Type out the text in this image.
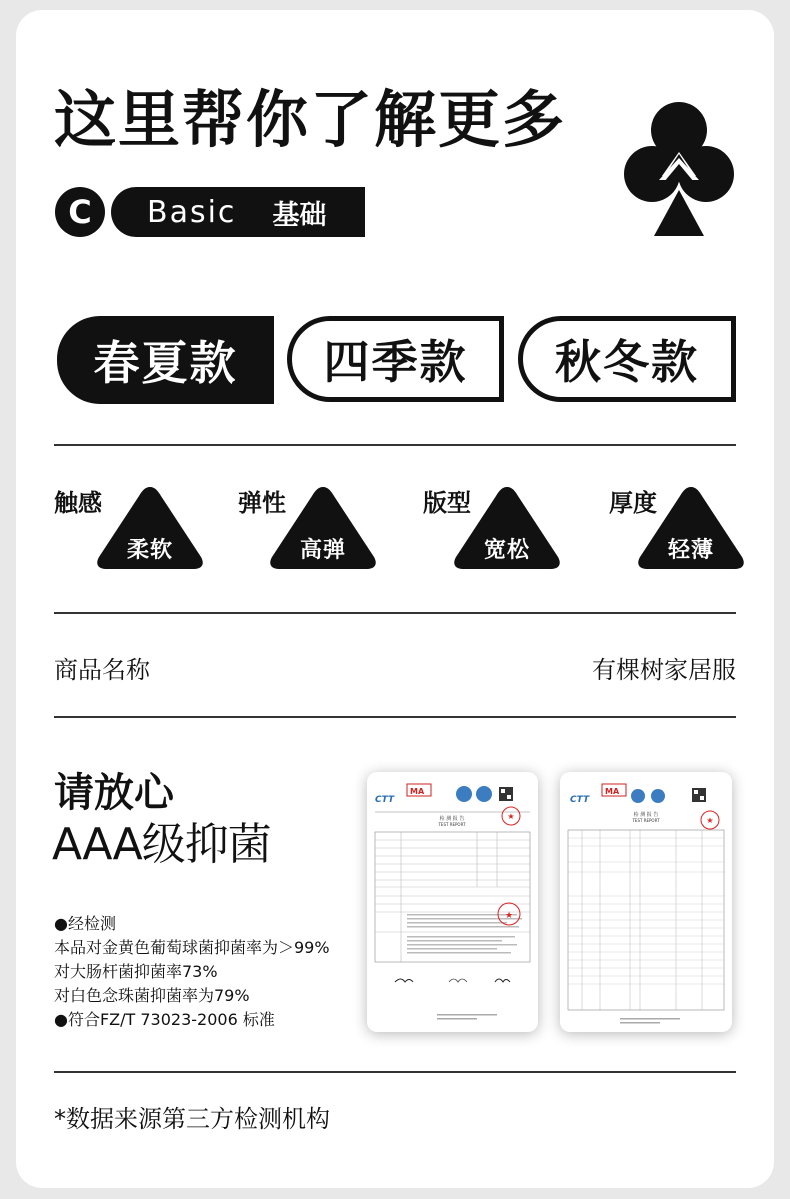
这里帮你了解更多
C	Basic 基础
春夏款	四季款	秋冬款
触感
柔软
弹性
高弹
版型
宽松
厚度
轻薄
商品名称	有棵树家居服
请放心
AAA级抑菌
●经检测
本品对金黄色葡萄球菌抑菌率为＞99%
对大肠杆菌抑菌率73%
对白色念珠菌抑菌率为79%
●符合FZ/T 73023-2006 标准
CTT
MA
检 测 报 告
TEST REPORT
★
★
CTT
MA
检 测 报 告
TEST REPORT	★
*数据来源第三方检测机构
